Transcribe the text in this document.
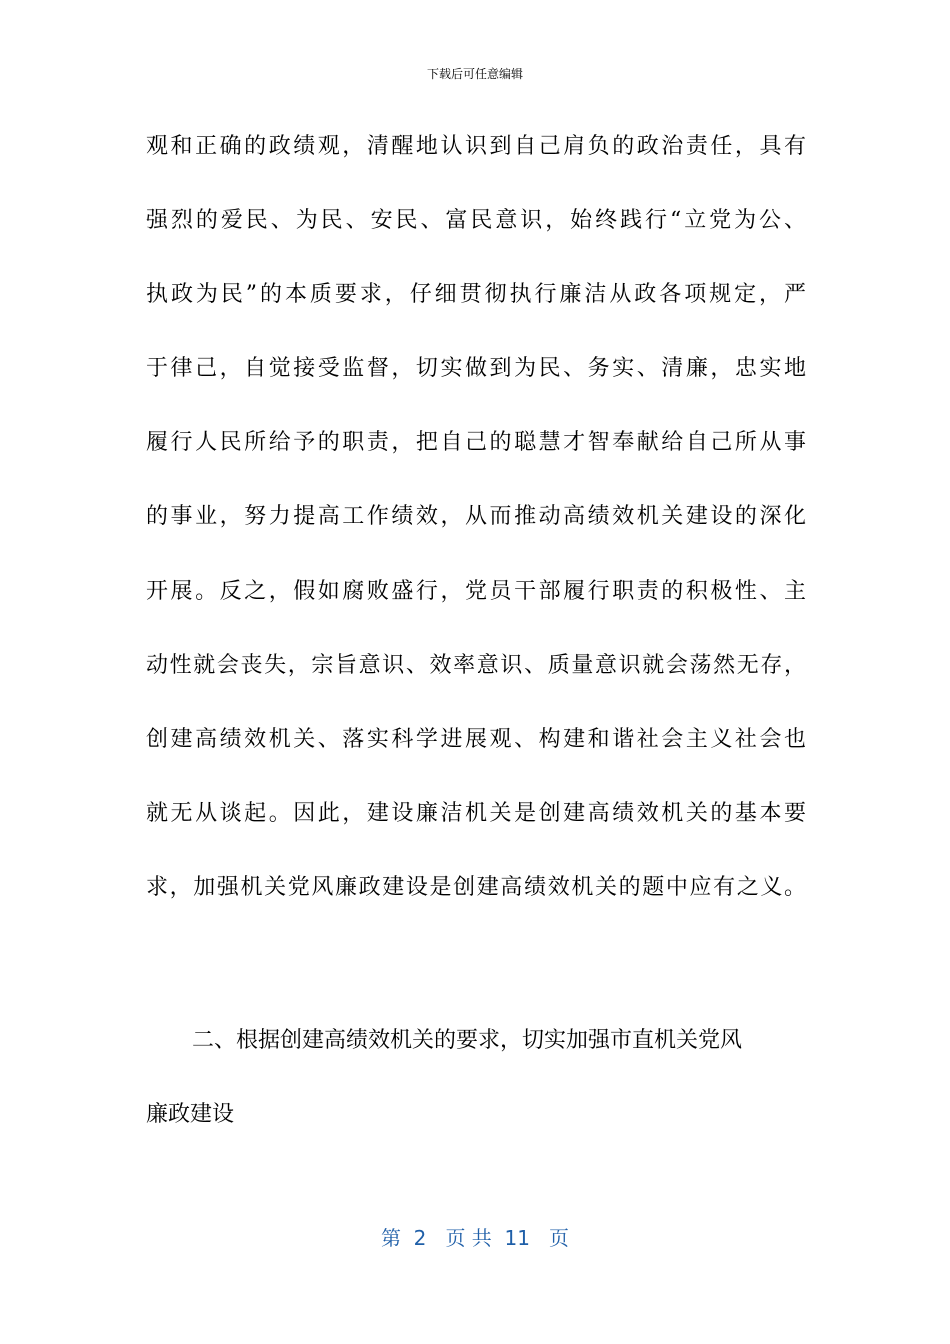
下载后可任意编辑
观和正确的政绩观，清醒地认识到自己肩负的政治责任，具有
强烈的爱民、为民、安民、富民意识，始终践行“立党为公、
执政为民”的本质要求，仔细贯彻执行廉洁从政各项规定，严
于律己，自觉接受监督，切实做到为民、务实、清廉，忠实地
履行人民所给予的职责，把自己的聪慧才智奉献给自己所从事
的事业，努力提高工作绩效，从而推动高绩效机关建设的深化
开展。反之，假如腐败盛行，党员干部履行职责的积极性、主
动性就会丧失，宗旨意识、效率意识、质量意识就会荡然无存，
创建高绩效机关、落实科学进展观、构建和谐社会主义社会也
就无从谈起。因此，建设廉洁机关是创建高绩效机关的基本要
求，加强机关党风廉政建设是创建高绩效机关的题中应有之义。
二、根据创建高绩效机关的要求，切实加强市直机关党风
廉政建设
第  2   页 共  11   页
